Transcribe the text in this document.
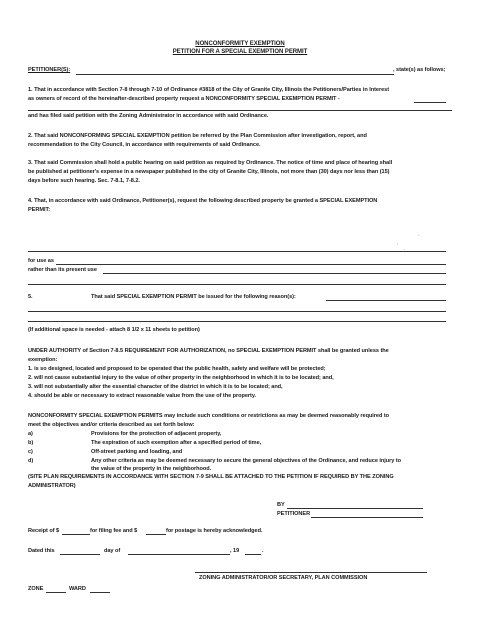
NONCONFORMITY EXEMPTION
PETITION FOR A SPECIAL EXEMPTION PERMIT
PETITIONER(S):	, state(s) as follows;
1. That in accordance with Section 7-8 through 7-10 of Ordinance #3818 of the City of Granite City, Illinois the Petitioners/Parties in Interest
as owners of record of the hereinafter-described property request a NONCONFORMITY SPECIAL EXEMPTION PERMIT -
and has filed said petition with the Zoning Administrator in accordance with said Ordinance.
2. That said NONCONFORMING SPECIAL EXEMPTION petition be referred by the Plan Commission after investigation, report, and
recommendation to the City Council, in accordance with requirements of said Ordinance.
3. That said Commission shall hold a public hearing on said petition as required by Ordinance. The notice of time and place of hearing shall
be published at petitioner's expense in a newspaper published in the city of Granite City, Illinois, not more than (30) days nor less than (15)
days before such hearing. Sec. 7-8.1, 7-8.2.
4. That, in accordance with said Ordinance, Petitioner(s), request the following described property be granted a SPECIAL EXEMPTION
PERMIT:
,
·
'
for use as
rather than its present use
5.	That said SPECIAL EXEMPTION PERMIT be issued for the following reason(s):
(If additional space is needed - attach 8 1/2 x 11 sheets to petition)
UNDER AUTHORITY of Section 7-8.5 REQUIREMENT FOR AUTHORIZATION, no SPECIAL EXEMPTION PERMIT shall be granted unless the
exemption:
1. is so designed, located and proposed to be operated that the public health, safety and welfare will be protected;
2. will not cause substantial injury to the value of other property in the neighborhood in which it is to be located; and,
3. will not substantially alter the essential character of the district in which it is to be located; and,
4. should be able or necessary to extract reasonable value from the use of the property.
NONCONFORMITY SPECIAL EXEMPTION PERMITS may include such conditions or restrictions as may be deemed reasonably required to
meet the objectives and/or criteria described as set forth below:
a)	Provisions for the protection of adjacent property,
b)	The expiration of such exemption after a specified period of time,
c)	Off-street parking and loading, and
d)	Any other criteria as may be deemed necessary to secure the general objectives of the Ordinance, and reduce injury to
the value of the property in the neighborhood.
(SITE PLAN REQUIREMENTS IN ACCORDANCE WITH SECTION 7-9 SHALL BE ATTACHED TO THE PETITION IF REQUIRED BY THE ZONING
ADMINISTRATOR)
BY
PETITIONER
Receipt of $	for filing fee and $	for postage is hereby acknowledged.
Dated this	day of	, 19	.
ZONING ADMINISTRATOR/OR SECRETARY, PLAN COMMISSION
ZONE	WARD
